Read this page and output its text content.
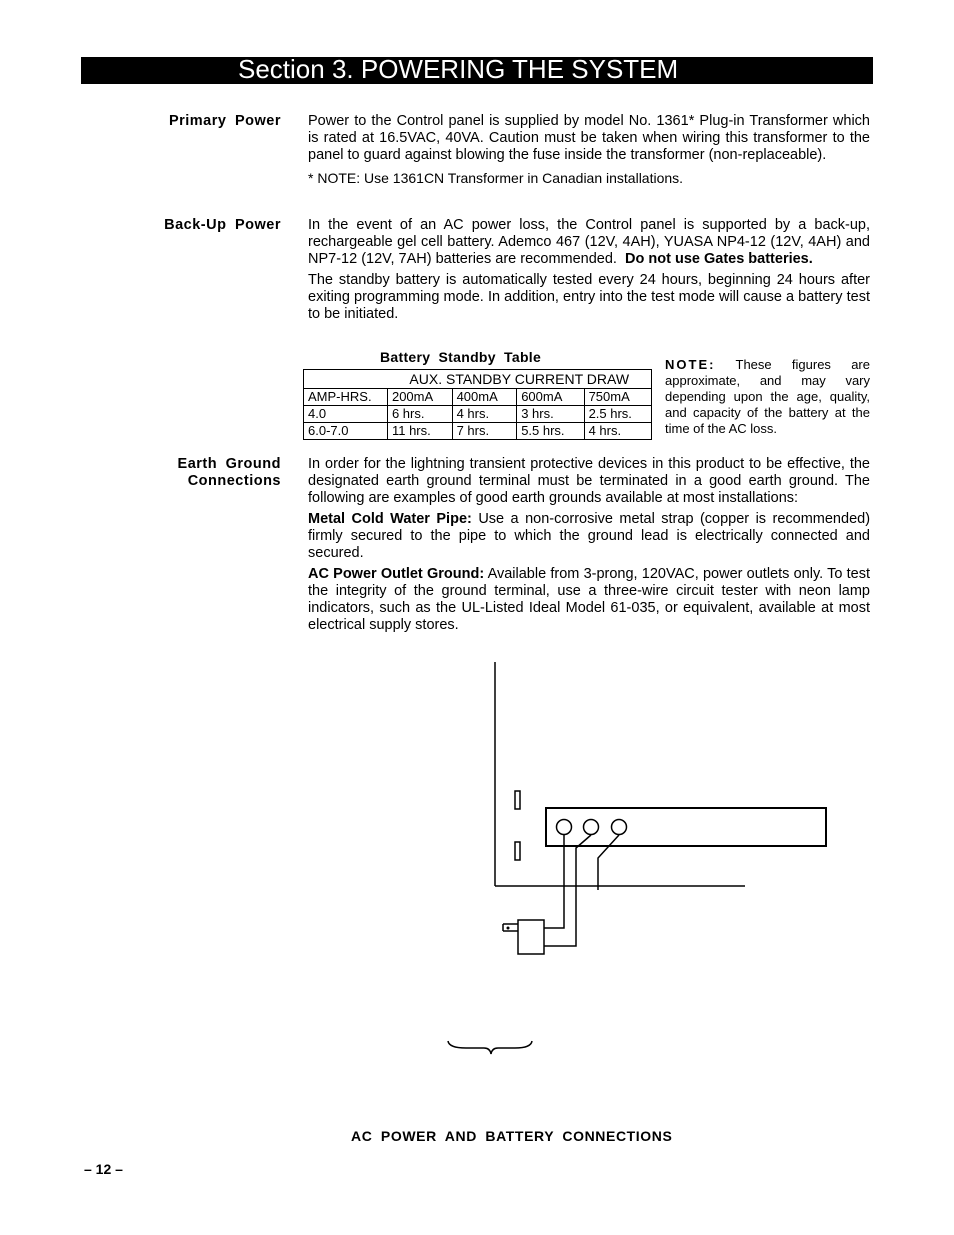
Section 3. POWERING THE SYSTEM
Primary Power Power to the Control panel is supplied by model No. 1361* Plug-in Transformer which is rated at 16.5VAC, 40VA. Caution must be taken when wiring this transformer to the panel to guard against blowing the fuse inside the transformer (non-replaceable).

* NOTE: Use 1361CN Transformer in Canadian installations.

Back-Up Power In the event of an AC power loss, the Control panel is supported by a back-up, rechargeable gel cell battery. Ademco 467 (12V, 4AH), YUASA NP4-12 (12V, 4AH) and NP7-12 (12V, 7AH) batteries are recommended. Do not use Gates batteries.

The standby battery is automatically tested every 24 hours, beginning 24 hours after exiting programming mode. In addition, entry into the test mode will cause a battery test to be initiated.

Battery Standby Table
	AUX. STANDBY CURRENT DRAW			
AMP-HRS.	200mA	400mA	600mA	750mA
4.0	6 hrs.	4 hrs.	3 hrs.	2.5 hrs.
6.0-7.0	11 hrs.	7 hrs.	5.5 hrs.	4 hrs.
NOTE: These figures are approximate, and may vary depending upon the age, quality, and capacity of the battery at the time of the AC loss.
Earth Ground
Connections

In order for the lightning transient protective devices in this product to be effective, the designated earth ground terminal must be terminated in a good earth ground. The following are examples of good earth grounds available at most installations:

Metal Cold Water Pipe: Use a non-corrosive metal strap (copper is recommended) firmly secured to the pipe to which the ground lead is electrically connected and secured.

AC Power Outlet Ground: Available from 3-prong, 120VAC, power outlets only. To test the integrity of the ground terminal, use a three-wire circuit tester with neon lamp indicators, such as the UL-Listed Ideal Model 61-035, or equivalent, available at most electrical supply stores.

AC POWER AND BATTERY CONNECTIONS
– 12 –
